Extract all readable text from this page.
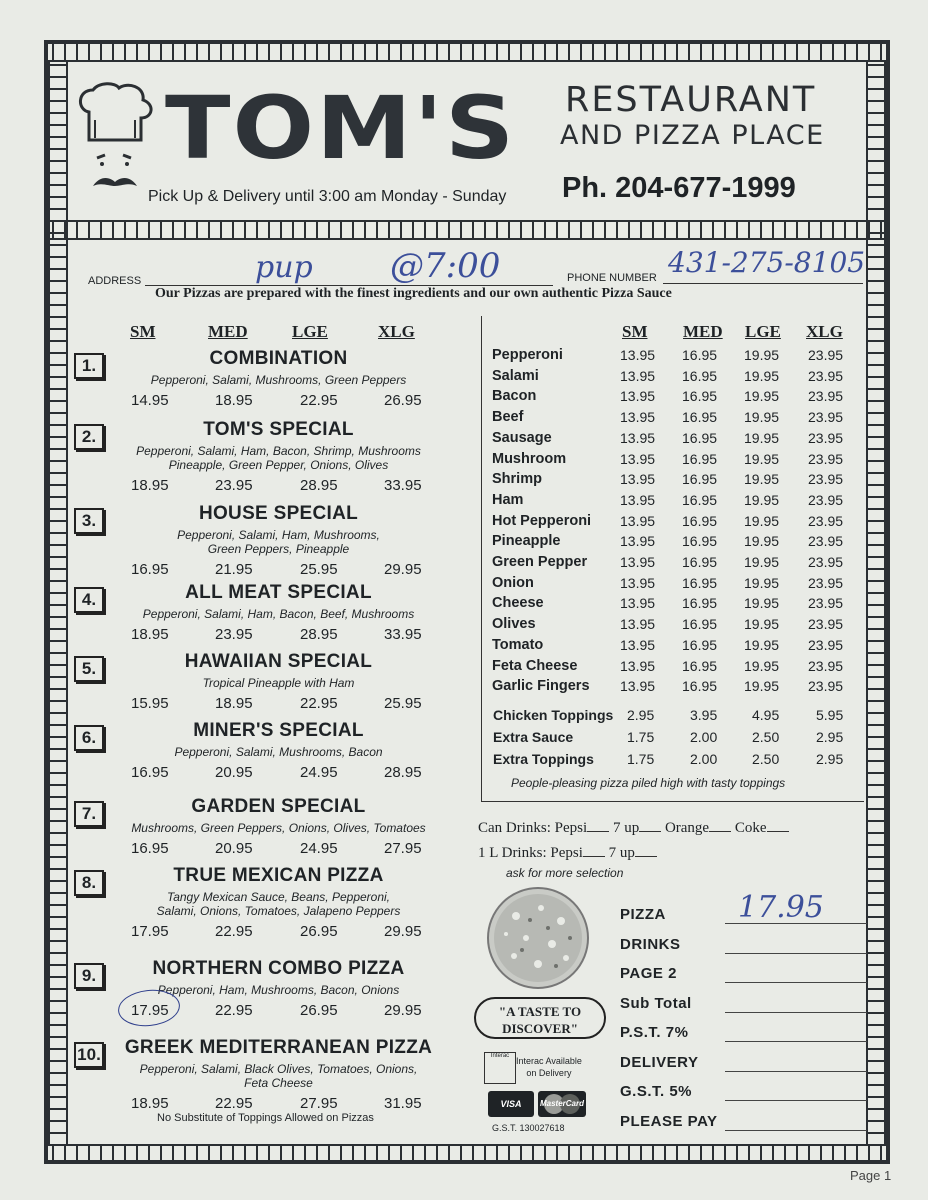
TOM'S
Pick Up & Delivery until 3:00 am Monday - Sunday
RESTAURANT
AND PIZZA PLACE
Ph. 204-677-1999
ADDRESS	pup @7:00	PHONE NUMBER 431-275-8105
Our Pizzas are prepared with the finest ingredients and our own authentic Pizza Sauce
SM	MED	LGE	XLG
1.	COMBINATION
Pepperoni, Salami, Mushrooms, Green Peppers
14.95	18.95	22.95	26.95
2.	TOM'S SPECIAL
Pepperoni, Salami, Ham, Bacon, Shrimp, Mushrooms
Pineapple, Green Pepper, Onions, Olives
18.95	23.95	28.95	33.95
3.	HOUSE SPECIAL
Pepperoni, Salami, Ham, Mushrooms,
Green Peppers, Pineapple
16.95	21.95	25.95	29.95
4.	ALL MEAT SPECIAL
Pepperoni, Salami, Ham, Bacon, Beef, Mushrooms
18.95	23.95	28.95	33.95
5.	HAWAIIAN SPECIAL
Tropical Pineapple with Ham
15.95	18.95	22.95	25.95
6.	MINER'S SPECIAL
Pepperoni, Salami, Mushrooms, Bacon
16.95	20.95	24.95	28.95
7.	GARDEN SPECIAL
Mushrooms, Green Peppers, Onions, Olives, Tomatoes
16.95	20.95	24.95	27.95
8.	TRUE MEXICAN PIZZA
Tangy Mexican Sauce, Beans, Pepperoni,
Salami, Onions, Tomatoes, Jalapeno Peppers
17.95	22.95	26.95	29.95
9.	NORTHERN COMBO PIZZA
Pepperoni, Ham, Mushrooms, Bacon, Onions
17.95	22.95	26.95	29.95
10.	GREEK MEDITERRANEAN PIZZA
Pepperoni, Salami, Black Olives, Tomatoes, Onions,
Feta Cheese
18.95	22.95	27.95	31.95
No Substitute of Toppings Allowed on Pizzas
SM MED LGE XLG
Pepperoni	13.95 16.95 19.95 23.95
Salami	13.95 16.95 19.95 23.95
Bacon	13.95 16.95 19.95 23.95
Beef	13.95 16.95 19.95 23.95
Sausage	13.95 16.95 19.95 23.95
Mushroom	13.95 16.95 19.95 23.95
Shrimp	13.95 16.95 19.95 23.95
Ham	13.95 16.95 19.95 23.95
Hot Pepperoni 13.95 16.95 19.95 23.95
Pineapple	13.95 16.95 19.95 23.95
Green Pepper 13.95 16.95 19.95 23.95
Onion	13.95 16.95 19.95 23.95
Cheese	13.95 16.95 19.95 23.95
Olives	13.95 16.95 19.95 23.95
Tomato	13.95 16.95 19.95 23.95
Feta Cheese	13.95 16.95 19.95 23.95
Garlic Fingers 13.95 16.95 19.95 23.95
Chicken Toppings 2.95	3.95 4.95	5.95
Extra Sauce	1.75	2.00 2.50	2.95
Extra Toppings 1.75	2.00 2.50	2.95
People-pleasing pizza piled high with tasty toppings
Can Drinks: Pepsi 7 up Orange Coke
1 L Drinks: Pepsi 7 up
ask for more selection
"A TASTE TO
DISCOVER"
Interac Interac Available
on Delivery
VISA	MasterCard
G.S.T. 130027618
PIZZA 17.95
DRINKS
PAGE 2
Sub Total
P.S.T. 7%
DELIVERY
G.S.T. 5%
PLEASE PAY
Page 1
